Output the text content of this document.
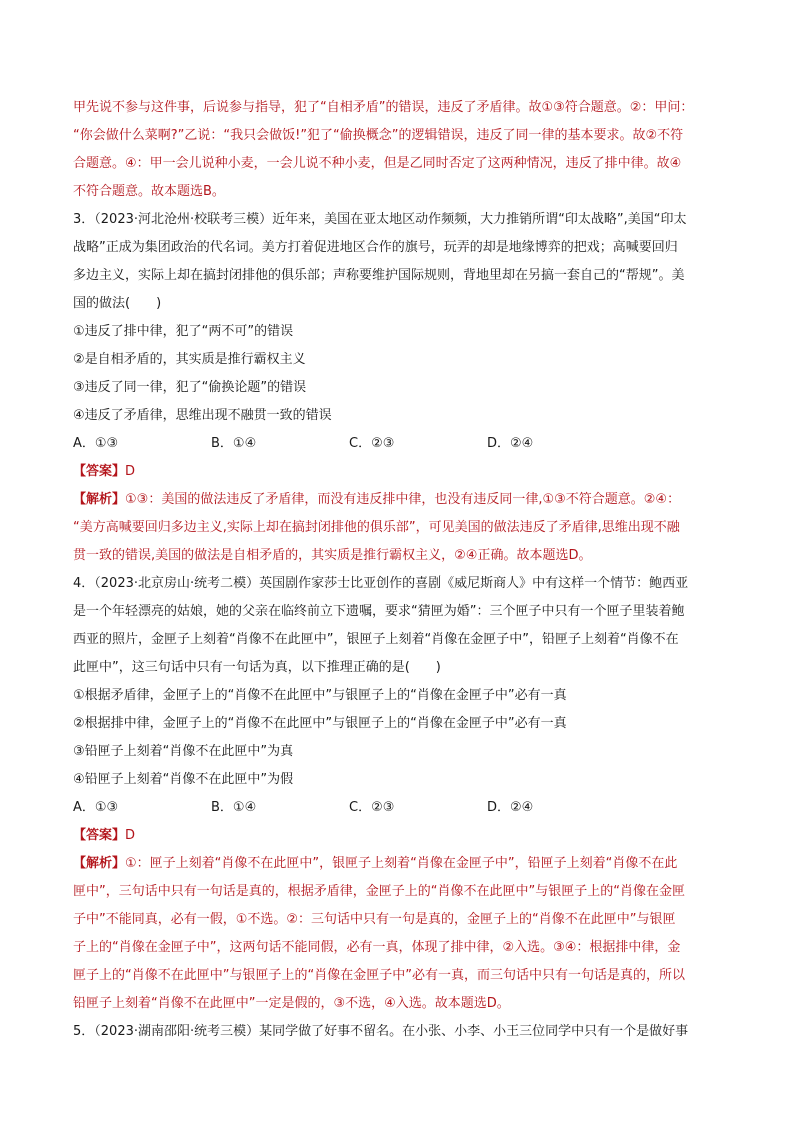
甲先说不参与这件事，后说参与指导，犯了“自相矛盾”的错误，违反了矛盾律。故①③符合题意。②：甲问：
“你会做什么菜啊?”乙说：“我只会做饭!”犯了“偷换概念”的逻辑错误，违反了同一律的基本要求。故②不符
合题意。④：甲一会儿说种小麦，一会儿说不种小麦，但是乙同时否定了这两种情况，违反了排中律。故④
不符合题意。故本题选B。
3．（2023·河北沧州·校联考三模）近年来，美国在亚太地区动作频频，大力推销所谓“印太战略”,美国“印太
战略”正成为集团政治的代名词。美方打着促进地区合作的旗号，玩弄的却是地缘博弈的把戏；高喊要回归
多边主义，实际上却在搞封闭排他的俱乐部；声称要维护国际规则，背地里却在另搞一套自己的“帮规”。美
国的做法(　　)
①违反了排中律，犯了“两不可”的错误
②是自相矛盾的，其实质是推行霸权主义
③违反了同一律，犯了“偷换论题”的错误
④违反了矛盾律，思维出现不融贯一致的错误
A．①③	B．①④	C．②③	D．②④
【答案】D
【解析】①③：美国的做法违反了矛盾律，而没有违反排中律，也没有违反同一律,①③不符合题意。②④：
“美方高喊要回归多边主义,实际上却在搞封闭排他的俱乐部”，可见美国的做法违反了矛盾律,思维出现不融
贯一致的错误,美国的做法是自相矛盾的，其实质是推行霸权主义，②④正确。故本题选D。
4．（2023·北京房山·统考二模）英国剧作家莎士比亚创作的喜剧《威尼斯商人》中有这样一个情节：鲍西亚
是一个年轻漂亮的姑娘，她的父亲在临终前立下遗嘱，要求“猜匣为婚”：三个匣子中只有一个匣子里装着鲍
西亚的照片，金匣子上刻着“肖像不在此匣中”，银匣子上刻着“肖像在金匣子中”，铅匣子上刻着“肖像不在
此匣中”，这三句话中只有一句话为真，以下推理正确的是(　　)
①根据矛盾律，金匣子上的“肖像不在此匣中”与银匣子上的“肖像在金匣子中”必有一真
②根据排中律，金匣子上的“肖像不在此匣中”与银匣子上的“肖像在金匣子中”必有一真
③铅匣子上刻着“肖像不在此匣中”为真
④铅匣子上刻着“肖像不在此匣中”为假
A．①③	B．①④	C．②③	D．②④
【答案】D
【解析】①：匣子上刻着“肖像不在此匣中”，银匣子上刻着“肖像在金匣子中”，铅匣子上刻着“肖像不在此
匣中”，三句话中只有一句话是真的，根据矛盾律，金匣子上的“肖像不在此匣中”与银匣子上的“肖像在金匣
子中”不能同真，必有一假，①不选。②：三句话中只有一句是真的，金匣子上的“肖像不在此匣中”与银匣
子上的“肖像在金匣子中”，这两句话不能同假，必有一真，体现了排中律，②入选。③④：根据排中律，金
匣子上的“肖像不在此匣中”与银匣子上的“肖像在金匣子中”必有一真，而三句话中只有一句话是真的，所以
铅匣子上刻着“肖像不在此匣中”一定是假的，③不选，④入选。故本题选D。
5．（2023·湖南邵阳·统考三模）某同学做了好事不留名。在小张、小李、小王三位同学中只有一个是做好事
